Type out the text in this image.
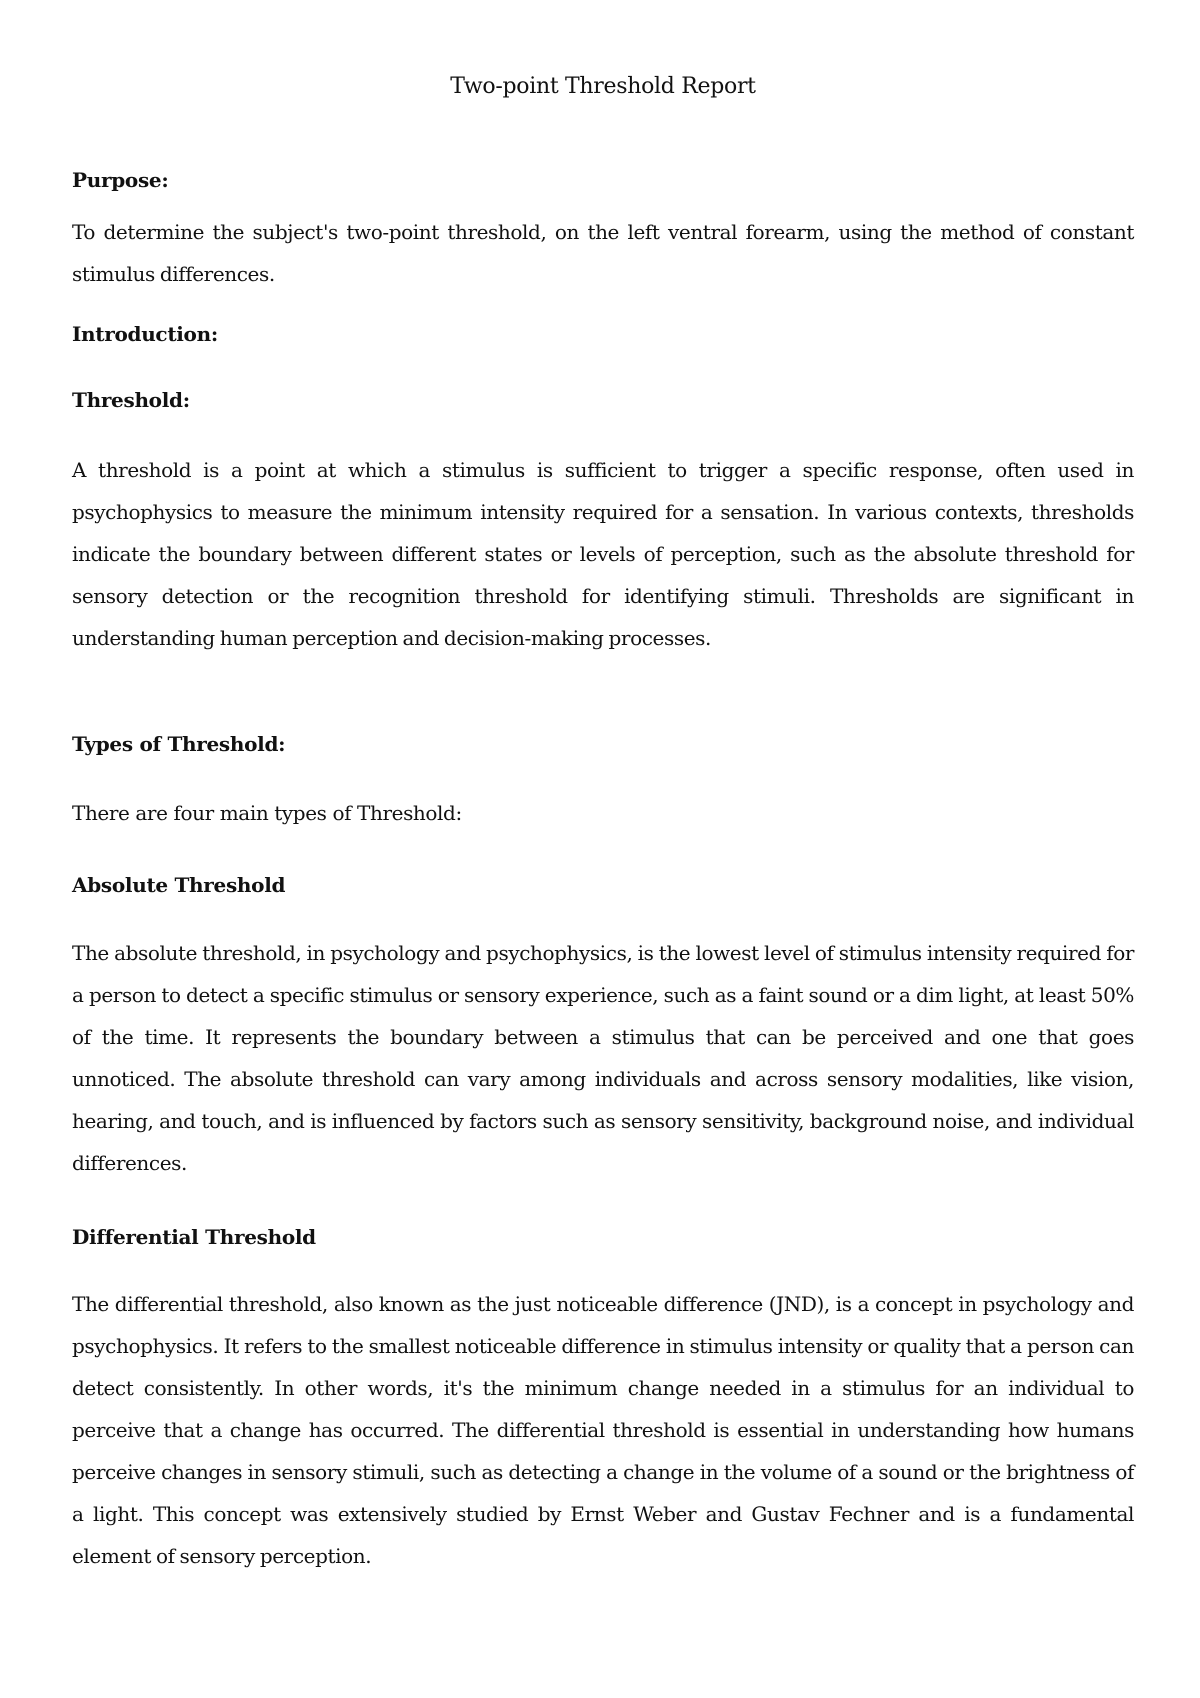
Two-point Threshold Report
Purpose:
To determine the subject's two-point threshold, on the left ventral forearm, using the method of constant stimulus differences.
Introduction:
Threshold:
A threshold is a point at which a stimulus is sufficient to trigger a specific response, often used in psychophysics to measure the minimum intensity required for a sensation. In various contexts, thresholds indicate the boundary between different states or levels of perception, such as the absolute threshold for sensory detection or the recognition threshold for identifying stimuli. Thresholds are significant in understanding human perception and decision-making processes.
Types of Threshold:
There are four main types of Threshold:
Absolute Threshold
The absolute threshold, in psychology and psychophysics, is the lowest level of stimulus intensity required for a person to detect a specific stimulus or sensory experience, such as a faint sound or a dim light, at least 50% of the time. It represents the boundary between a stimulus that can be perceived and one that goes unnoticed. The absolute threshold can vary among individuals and across sensory modalities, like vision, hearing, and touch, and is influenced by factors such as sensory sensitivity, background noise, and individual differences.
Differential Threshold
The differential threshold, also known as the just noticeable difference (JND), is a concept in psychology and psychophysics. It refers to the smallest noticeable difference in stimulus intensity or quality that a person can detect consistently. In other words, it's the minimum change needed in a stimulus for an individual to perceive that a change has occurred. The differential threshold is essential in understanding how humans perceive changes in sensory stimuli, such as detecting a change in the volume of a sound or the brightness of a light. This concept was extensively studied by Ernst Weber and Gustav Fechner and is a fundamental element of sensory perception.
